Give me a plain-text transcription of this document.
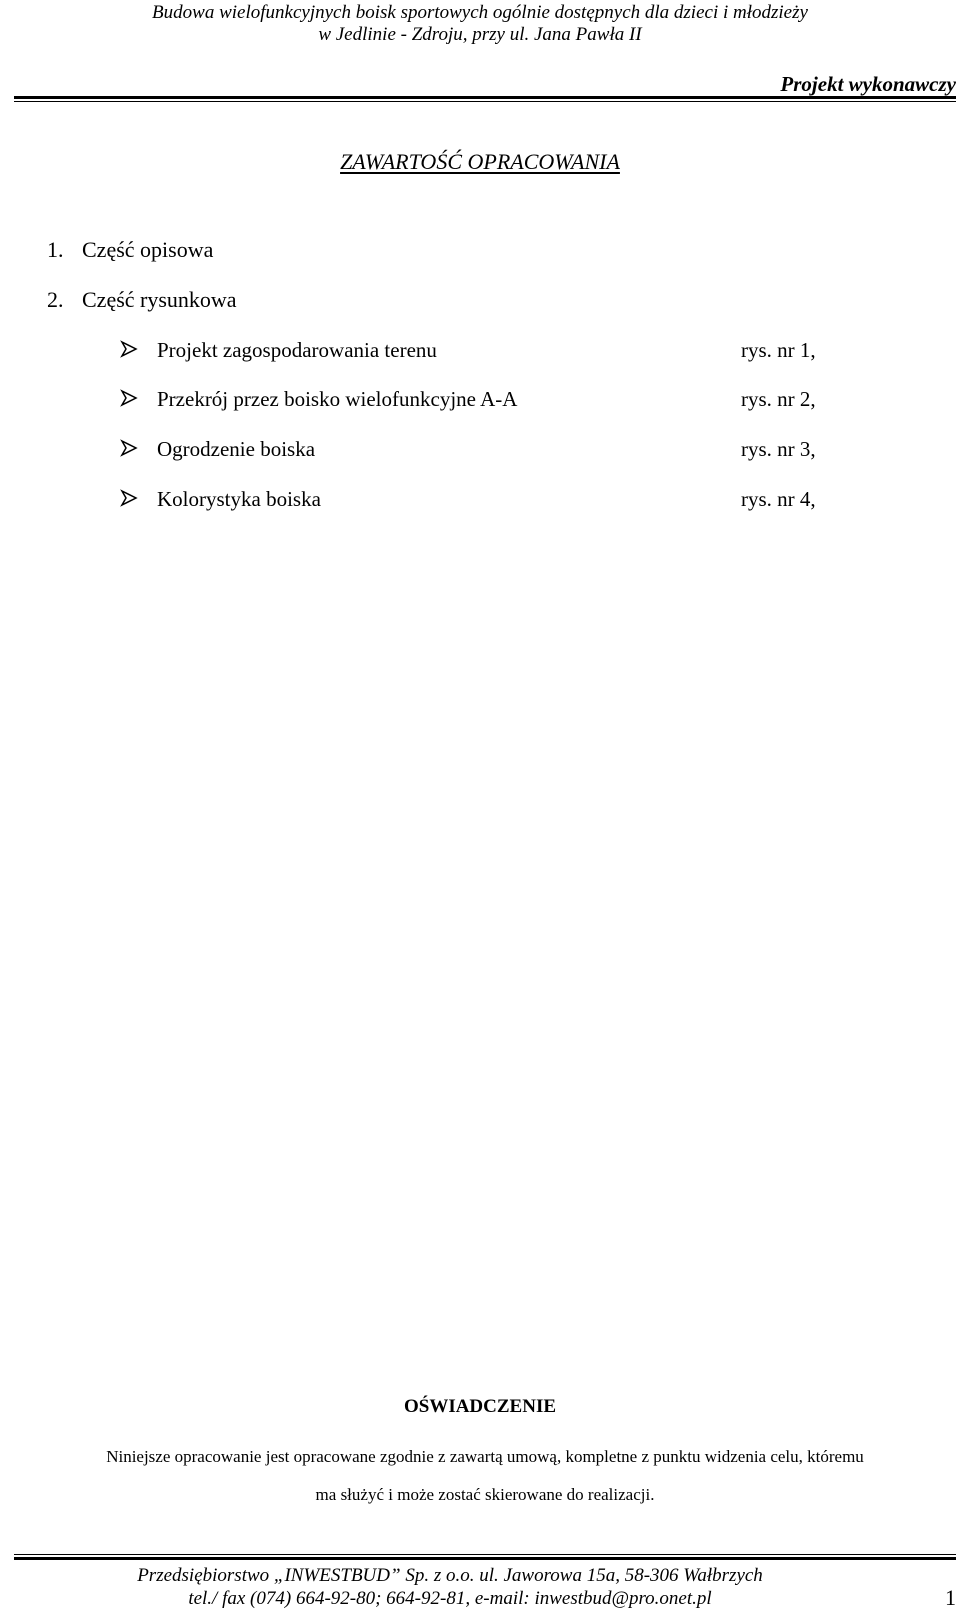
Budowa wielofunkcyjnych boisk sportowych ogólnie dostępnych dla dzieci i młodzieży
w Jedlinie - Zdroju, przy ul. Jana Pawła II
Projekt wykonawczy
ZAWARTOŚĆ OPRACOWANIA
1. Część opisowa
2. Część rysunkowa
Projekt zagospodarowania terenu	rys. nr 1,
Przekrój przez boisko wielofunkcyjne A-A	rys. nr 2,
Ogrodzenie boiska	rys. nr 3,
Kolorystyka boiska	rys. nr 4,
OŚWIADCZENIE
Niniejsze opracowanie jest opracowane zgodnie z zawartą umową, kompletne z punktu widzenia celu, któremu
ma służyć i może zostać skierowane do realizacji.
Przedsiębiorstwo „INWESTBUD” Sp. z o.o. ul. Jaworowa 15a, 58-306 Wałbrzych
tel./ fax (074) 664-92-80; 664-92-81, e-mail: inwestbud@pro.onet.pl	1
